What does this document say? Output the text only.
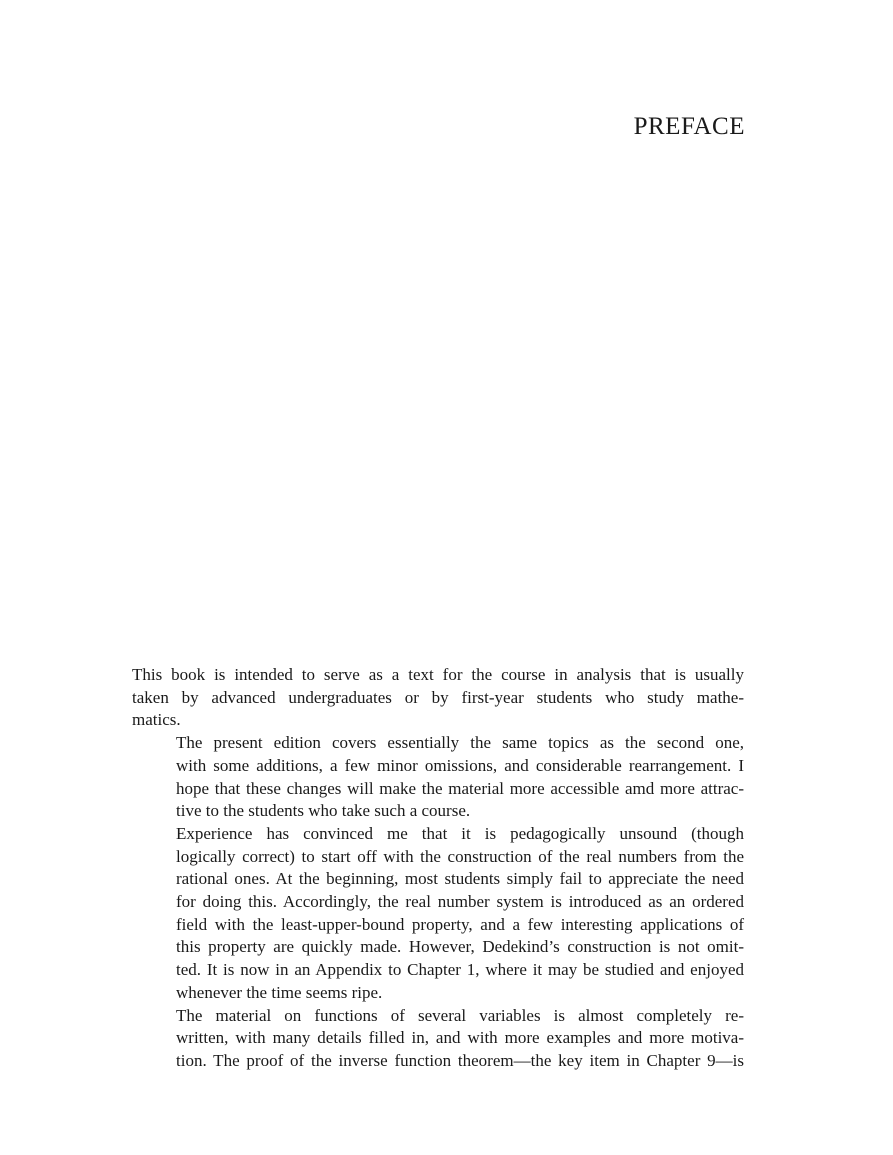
PREFACE

This book is intended to serve as a text for the course in analysis that is usually
taken by advanced undergraduates or by first-year students who study mathe-
matics.

The present edition covers essentially the same topics as the second one,
with some additions, a few minor omissions, and considerable rearrangement. I
hope that these changes will make the material more accessible amd more attrac-
tive to the students who take such a course.

Experience has convinced me that it is pedagogically unsound (though
logically correct) to start off with the construction of the real numbers from the
rational ones. At the beginning, most students simply fail to appreciate the need
for doing this. Accordingly, the real number system is introduced as an ordered
field with the least-upper-bound property, and a few interesting applications of
this property are quickly made. However, Dedekind’s construction is not omit-
ted. It is now in an Appendix to Chapter 1, where it may be studied and enjoyed
whenever the time seems ripe.

The material on functions of several variables is almost completely re-
written, with many details filled in, and with more examples and more motiva-
tion. The proof of the inverse function theorem—the key item in Chapter 9—is
